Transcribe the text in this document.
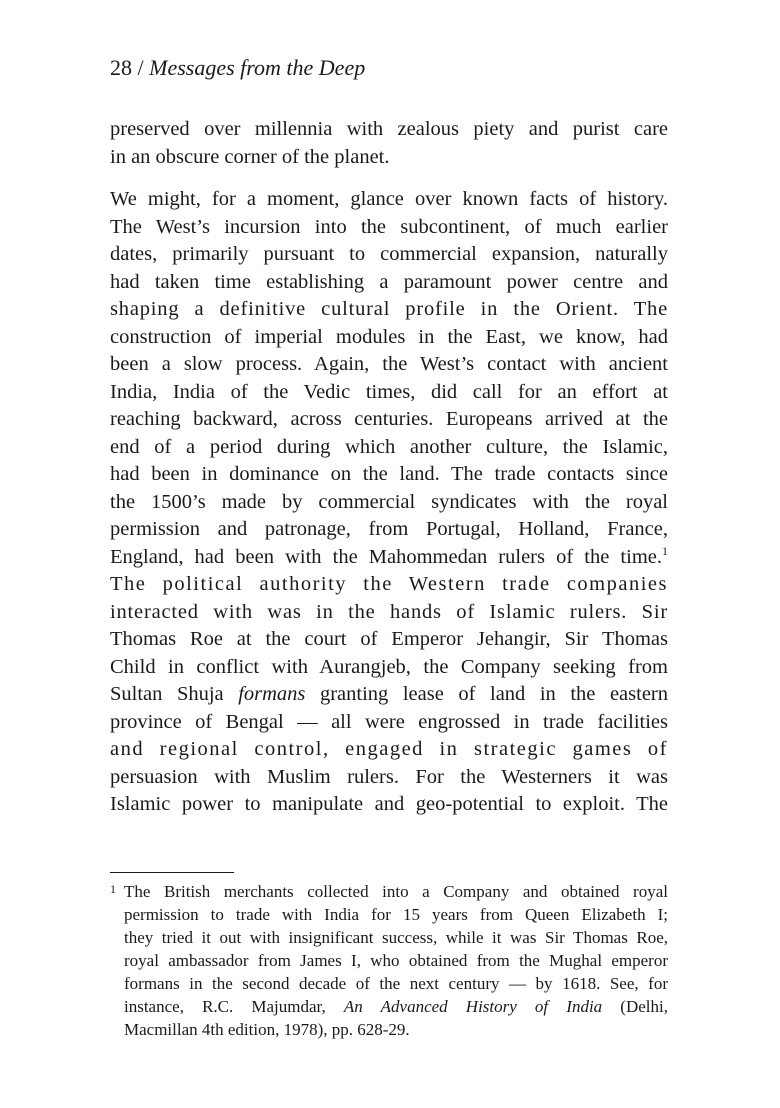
28 / Messages from the Deep

preserved over millennia with zealous piety and purist care
in an obscure corner of the planet.

We might, for a moment, glance over known facts of history.
The West’s incursion into the subcontinent, of much earlier
dates, primarily pursuant to commercial expansion, naturally
had taken time establishing a paramount power centre and
shaping a definitive cultural profile in the Orient. The
construction of imperial modules in the East, we know, had
been a slow process. Again, the West’s contact with ancient
India, India of the Vedic times, did call for an effort at
reaching backward, across centuries. Europeans arrived at the
end of a period during which another culture, the Islamic,
had been in dominance on the land. The trade contacts since
the 1500’s made by commercial syndicates with the royal
permission and patronage, from Portugal, Holland, France,
England, had been with the Mahommedan rulers of the time.$^1$
The political authority the Western trade companies
interacted with was in the hands of Islamic rulers. Sir
Thomas Roe at the court of Emperor Jehangir, Sir Thomas
Child in conflict with Aurangjeb, the Company seeking from
Sultan Shuja formans granting lease of land in the eastern
province of Bengal — all were engrossed in trade facilities
and regional control, engaged in strategic games of
persuasion with Muslim rulers. For the Westerners it was
Islamic power to manipulate and geo-potential to exploit. The

1 The British merchants collected into a Company and obtained royal
permission to trade with India for 15 years from Queen Elizabeth I;
they tried it out with insignificant success, while it was Sir Thomas Roe,
royal ambassador from James I, who obtained from the Mughal emperor
formans in the second decade of the next century — by 1618. See, for
instance, R.C. Majumdar, An Advanced History of India (Delhi,
Macmillan 4th edition, 1978), pp. 628-29.
